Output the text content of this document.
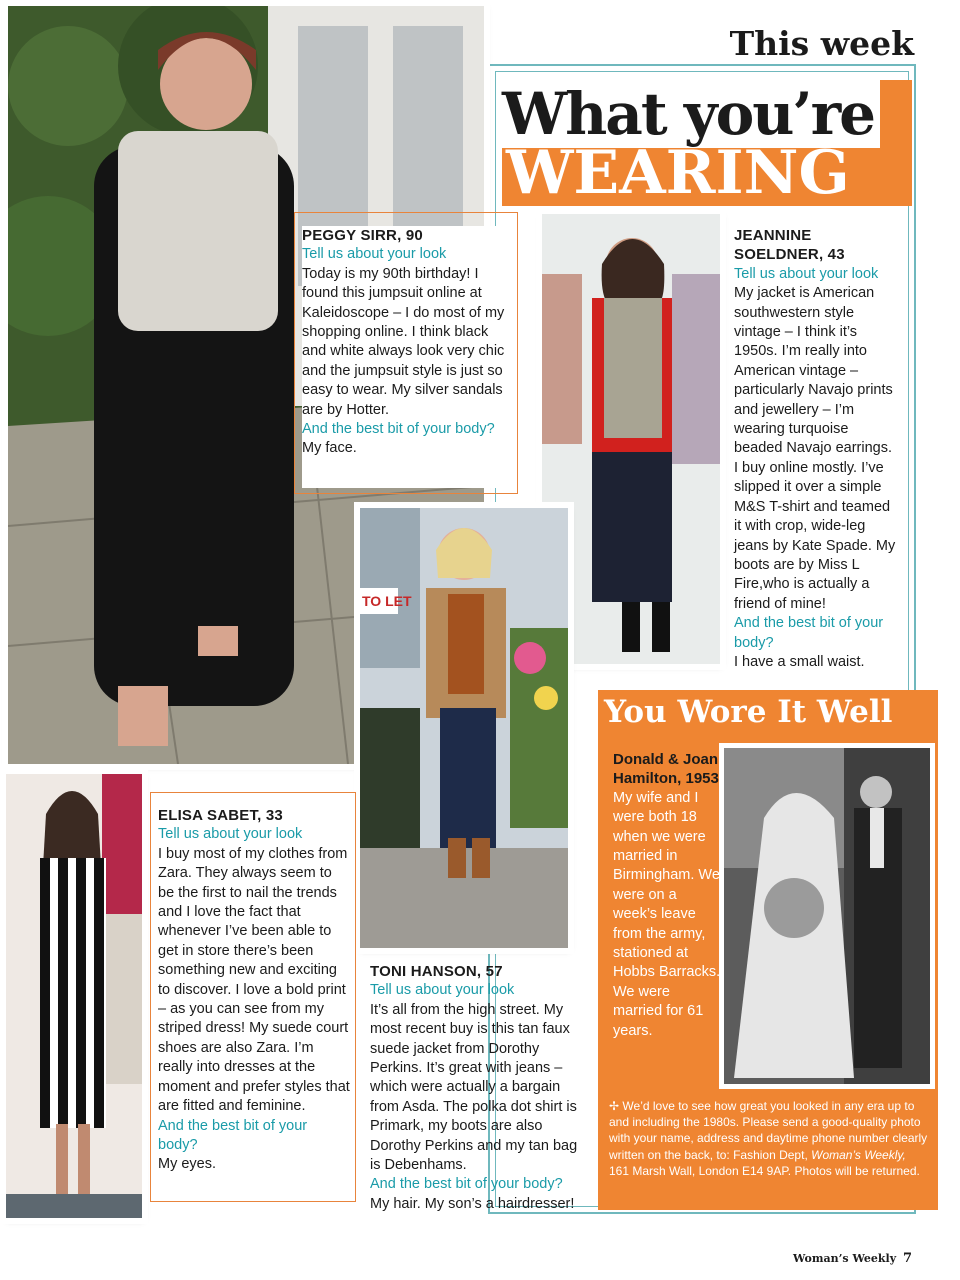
This week
What you’re
WEARING
TO LET
You Wore It Well
Donald & Joan Hamilton, 1953
My wife and I were both 18 when we were married in Birmingham. We were on a week’s leave from the army, stationed at Hobbs Barracks. We were married for 61 years.
✢ We’d love to see how great you looked in any era up to and including the 1980s. Please send a good-quality photo with your name, address and daytime phone number clearly written on the back, to: Fashion Dept, Woman’s Weekly, 161 Marsh Wall, London E14 9AP. Photos will be returned.
PEGGY SIRR, 90
Tell us about your look
Today is my 90th birthday! I found this jumpsuit online at Kaleidoscope – I do most of my shopping online. I think black and white always look very chic and the jumpsuit style is just so easy to wear. My silver sandals are by Hotter.
And the best bit of your body?
My face.
JEANNINE SOELDNER, 43
Tell us about your look
My jacket is American southwestern style vintage – I think it’s 1950s. I’m really into American vintage – particularly Navajo prints and jewellery – I’m wearing turquoise beaded Navajo earrings. I buy online mostly. I’ve slipped it over a simple M&S T-shirt and teamed it with crop, wide-leg jeans by Kate Spade. My boots are by Miss L Fire,who is actually a friend of mine!
And the best bit of your body?
I have a small waist.
ELISA SABET, 33
Tell us about your look
I buy most of my clothes from Zara. They always seem to be the first to nail the trends and I love the fact that whenever I’ve been able to get in store there’s been something new and exciting to discover. I love a bold print – as you can see from my striped dress! My suede court shoes are also Zara. I’m really into dresses at the moment and prefer styles that are fitted and feminine.
And the best bit of your body?
My eyes.
TONI HANSON, 57
Tell us about your look
It’s all from the high street. My most recent buy is this tan faux suede jacket from Dorothy Perkins. It’s great with jeans – which were actually a bargain from Asda. The polka dot shirt is Primark, my boots are also Dorothy Perkins and my tan bag is Debenhams.
And the best bit of your body?
My hair. My son’s a hairdresser!
Woman’s Weekly 7
